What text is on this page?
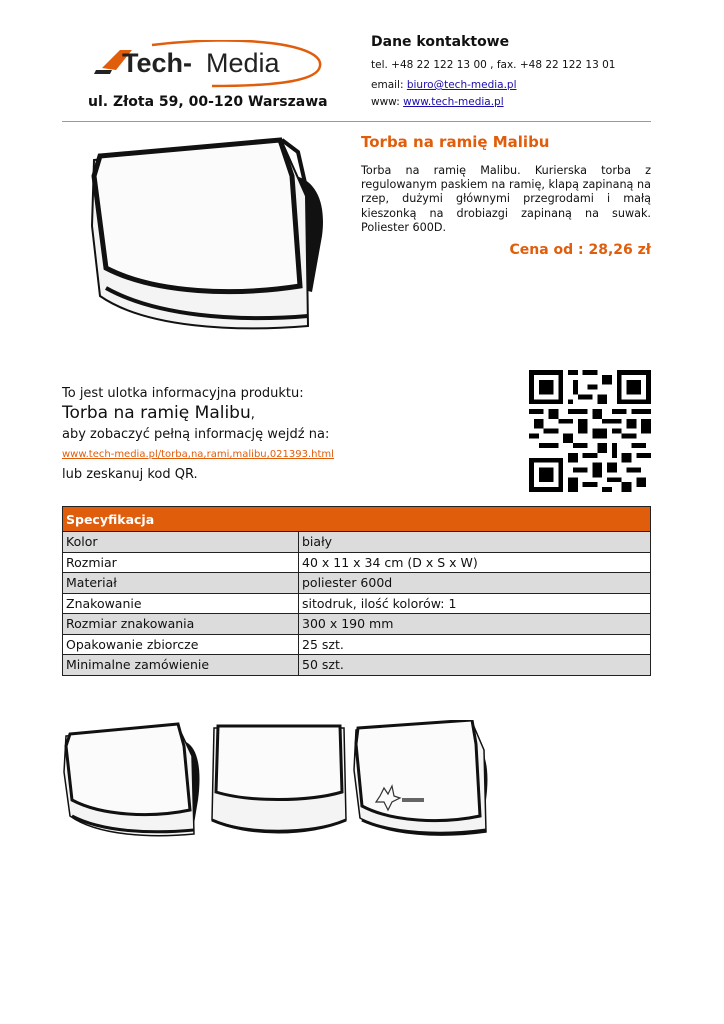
Tech- Media
ul. Złota 59, 00-120 Warszawa
Dane kontaktowe
tel. +48 22 122 13 00 , fax. +48 22 122 13 01
email: biuro@tech-media.pl
www: www.tech-media.pl
Torba na ramię Malibu
Torba na ramię Malibu. Kurierska torba z regulowanym paskiem na ramię, klapą zapinaną na rzep, dużymi głównymi przegrodami i małą kieszonką na drobiazgi zapinaną na suwak. Poliester 600D.
Cena od : 28,26 zł
To jest ulotka informacyjna produktu:
Torba na ramię Malibu,
aby zobaczyć pełną informację wejdź na:
www.tech-media.pl/torba,na,rami,malibu,021393.html
lub zeskanuj kod QR.
Specyfikacja	
Kolor	biały
Rozmiar	40 x 11 x 34 cm (D x S x W)
Materiał	poliester 600d
Znakowanie	sitodruk, ilość kolorów: 1
Rozmiar znakowania	300 x 190 mm
Opakowanie zbiorcze	25 szt.
Minimalne zamówienie	50 szt.
